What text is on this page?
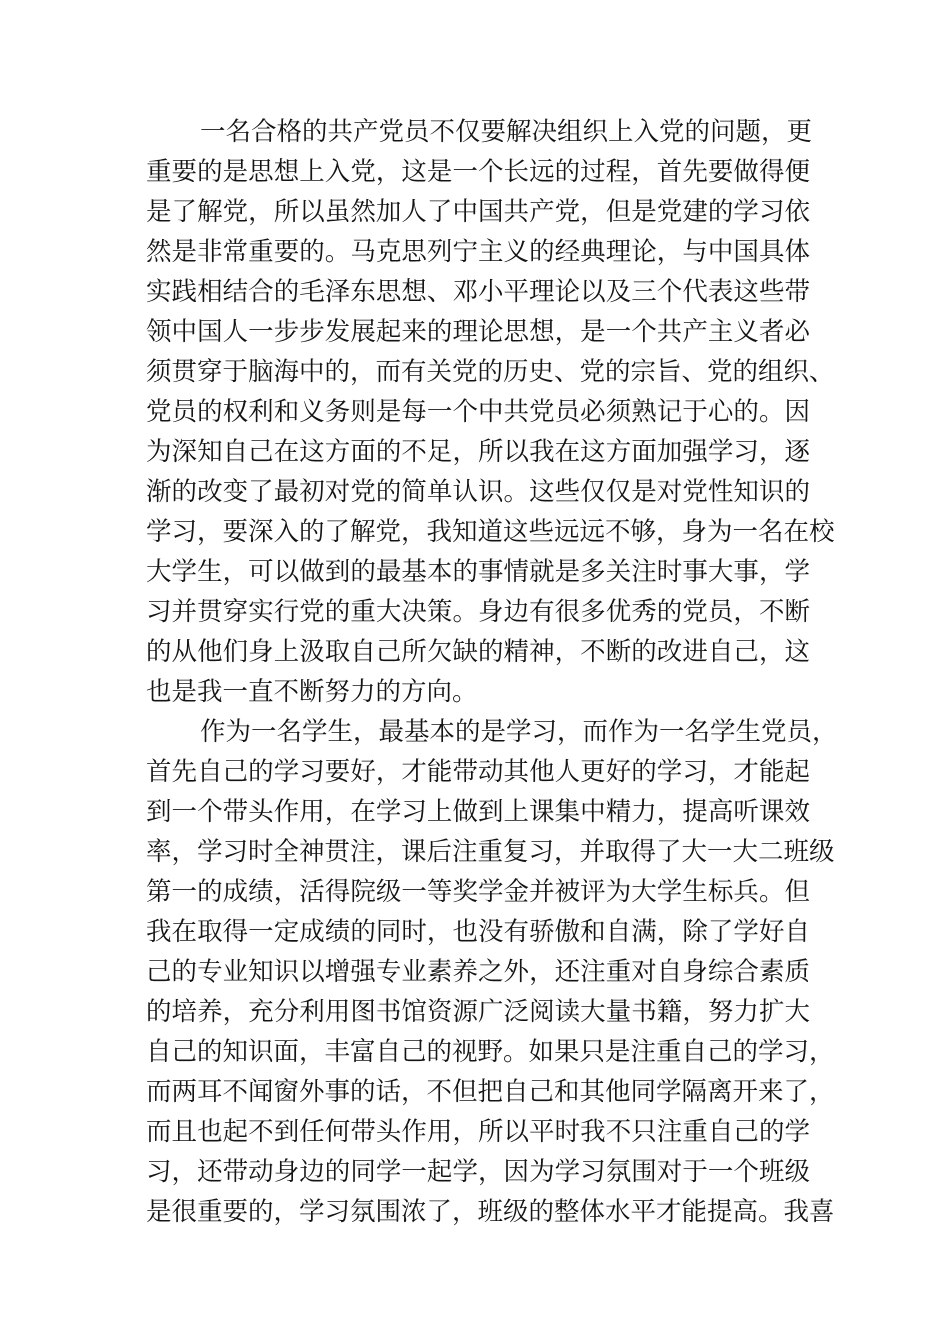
一名合格的共产党员不仅要解决组织上入党的问题，更
重要的是思想上入党，这是一个长远的过程，首先要做得便
是了解党，所以虽然加人了中国共产党，但是党建的学习依
然是非常重要的。马克思列宁主义的经典理论，与中国具体
实践相结合的毛泽东思想、邓小平理论以及三个代表这些带
领中国人一步步发展起来的理论思想，是一个共产主义者必
须贯穿于脑海中的，而有关党的历史、党的宗旨、党的组织、
党员的权利和义务则是每一个中共党员必须熟记于心的。因
为深知自己在这方面的不足，所以我在这方面加强学习，逐
渐的改变了最初对党的简单认识。这些仅仅是对党性知识的
学习，要深入的了解党，我知道这些远远不够，身为一名在校
大学生，可以做到的最基本的事情就是多关注时事大事，学
习并贯穿实行党的重大决策。身边有很多优秀的党员，不断
的从他们身上汲取自己所欠缺的精神，不断的改进自己，这
也是我一直不断努力的方向。
作为一名学生，最基本的是学习，而作为一名学生党员，
首先自己的学习要好，才能带动其他人更好的学习，才能起
到一个带头作用，在学习上做到上课集中精力，提高听课效
率，学习时全神贯注，课后注重复习，并取得了大一大二班级
第一的成绩，活得院级一等奖学金并被评为大学生标兵。但
我在取得一定成绩的同时，也没有骄傲和自满，除了学好自
己的专业知识以增强专业素养之外，还注重对自身综合素质
的培养，充分利用图书馆资源广泛阅读大量书籍，努力扩大
自己的知识面，丰富自己的视野。如果只是注重自己的学习，
而两耳不闻窗外事的话，不但把自己和其他同学隔离开来了，
而且也起不到任何带头作用，所以平时我不只注重自己的学
习，还带动身边的同学一起学，因为学习氛围对于一个班级
是很重要的，学习氛围浓了，班级的整体水平才能提高。我喜
